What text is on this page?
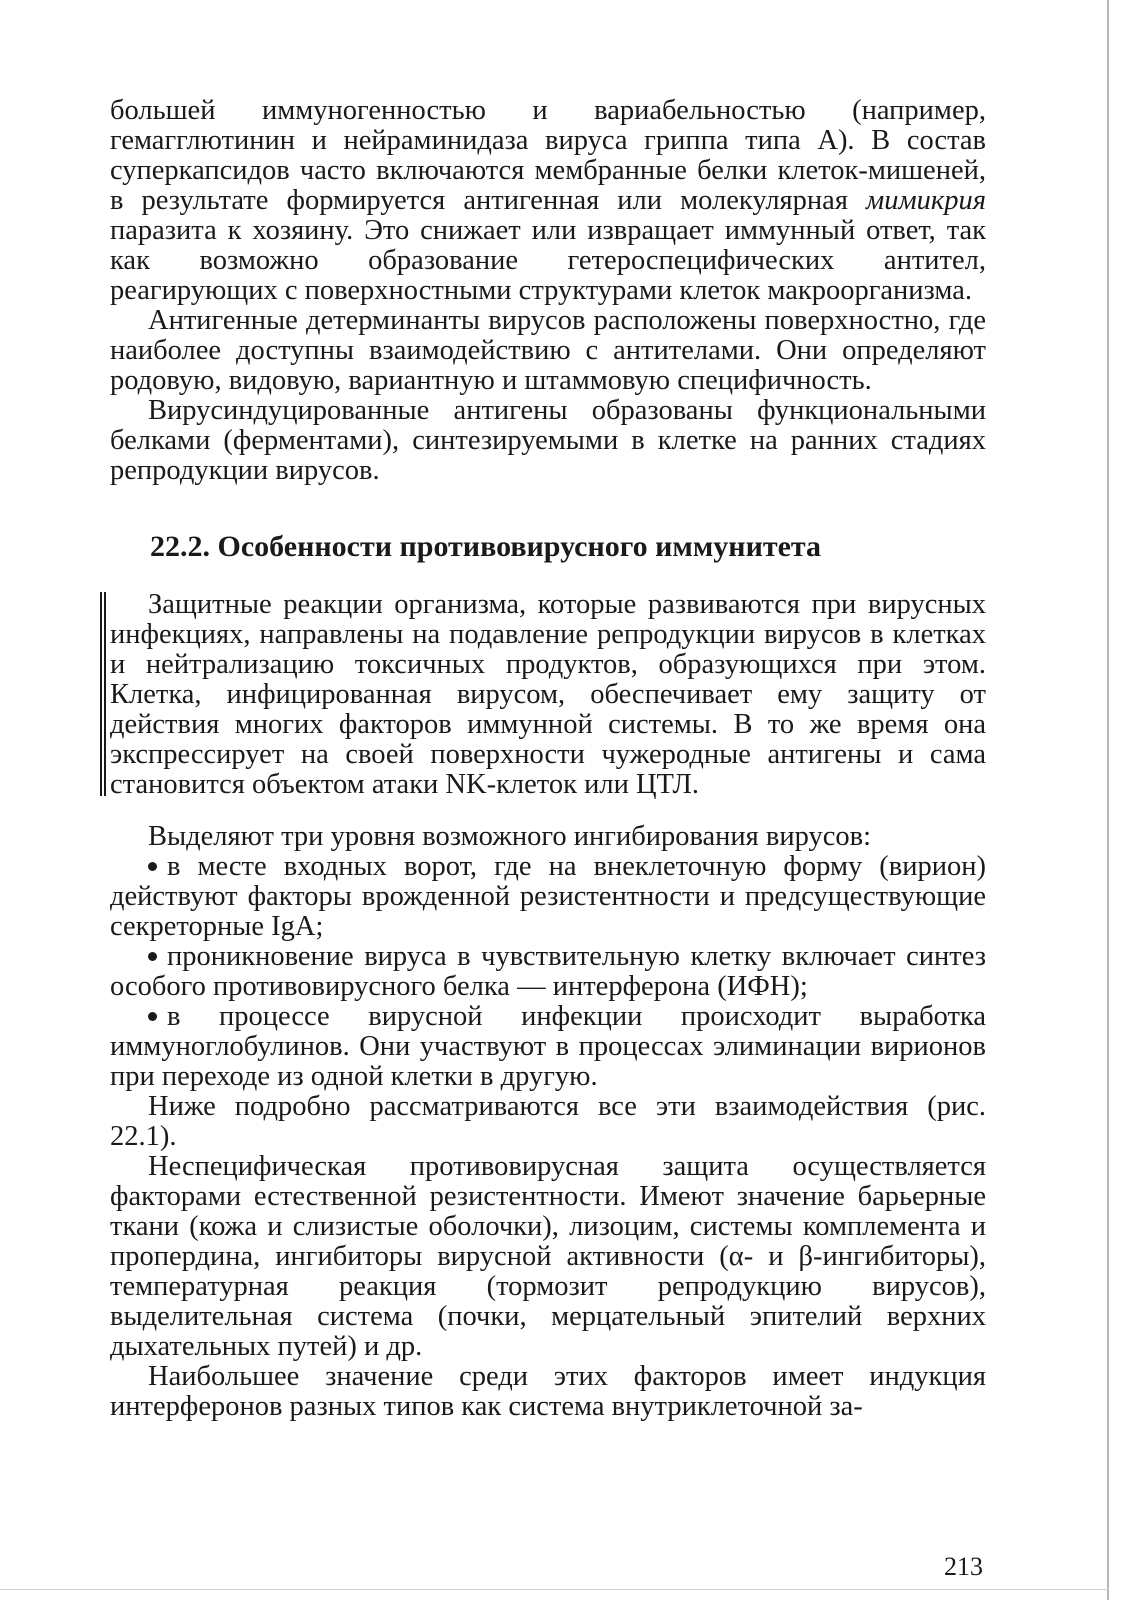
большей иммуногенностью и вариабельностью (например, гемагглютинин и нейраминидаза вируса гриппа типа А). В состав суперкапсидов часто включаются мембранные белки клеток-мишеней, в результате формируется антигенная или молекулярная мимикрия паразита к хозяину. Это снижает или извращает иммунный ответ, так как возможно образование гетероспецифических антител, реагирующих с поверхностными структурами клеток макроорганизма.

Антигенные детерминанты вирусов расположены поверхностно, где наиболее доступны взаимодействию с антителами. Они определяют родовую, видовую, вариантную и штаммовую специфичность.

Вирусиндуцированные антигены образованы функциональными белками (ферментами), синтезируемыми в клетке на ранних стадиях репродукции вирусов.

22.2. Особенности противовирусного иммунитета

Защитные реакции организма, которые развиваются при вирусных инфекциях, направлены на подавление репродукции вирусов в клетках и нейтрализацию токсичных продуктов, образующихся при этом. Клетка, инфицированная вирусом, обеспечивает ему защиту от действия многих факторов иммунной системы. В то же время она экспрессирует на своей поверхности чужеродные антигены и сама становится объектом атаки NK-клеток или ЦТЛ.

Выделяют три уровня возможного ингибирования вирусов:

в месте входных ворот, где на внеклеточную форму (вирион) действуют факторы врожденной резистентности и предсуществующие секреторные IgA;

проникновение вируса в чувствительную клетку включает синтез особого противовирусного белка — интерферона (ИФН);

в процессе вирусной инфекции происходит выработка иммуноглобулинов. Они участвуют в процессах элиминации вирионов при переходе из одной клетки в другую.

Ниже подробно рассматриваются все эти взаимодействия (рис. 22.1).

Неспецифическая противовирусная защита осуществляется факторами естественной резистентности. Имеют значение барьерные ткани (кожа и слизистые оболочки), лизоцим, системы комплемента и пропердина, ингибиторы вирусной активности (α- и β-ингибиторы), температурная реакция (тормозит репродукцию вирусов), выделительная система (почки, мерцательный эпителий верхних дыхательных путей) и др.

Наибольшее значение среди этих факторов имеет индукция интерферонов разных типов как система внутриклеточной за-

213
